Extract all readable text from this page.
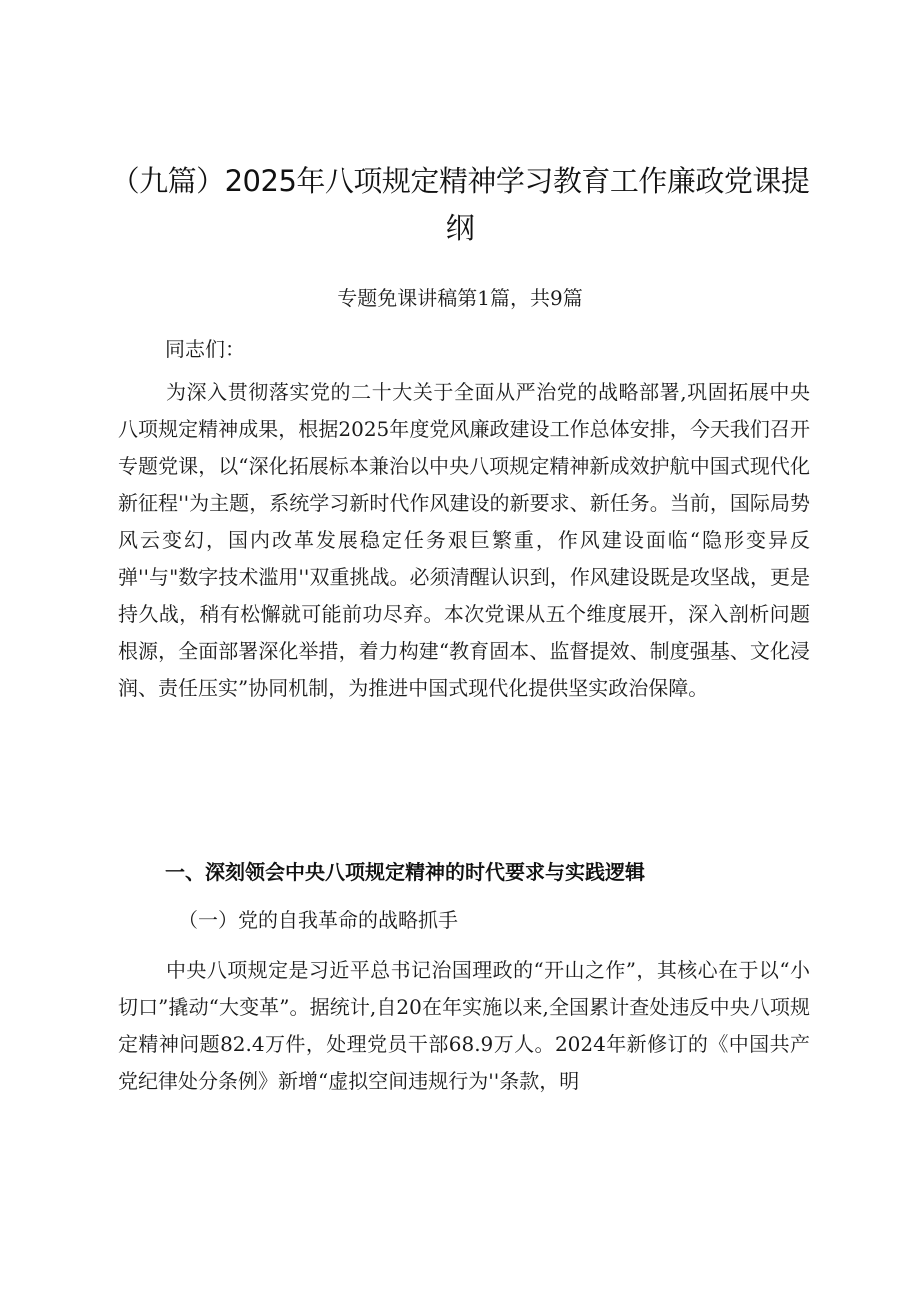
（九篇）2025年八项规定精神学习教育工作廉政党课提纲
专题免课讲稿第1篇，共9篇
同志们：

为深入贯彻落实党的二十大关于全面从严治党的战略部署,巩固拓展中央八项规定精神成果，根据2025年度党风廉政建设工作总体安排，今天我们召开专题党课，以“深化拓展标本兼治以中央八项规定精神新成效护航中国式现代化新征程''为主题，系统学习新时代作风建设的新要求、新任务。当前，国际局势风云变幻，国内改革发展稳定任务艰巨繁重，作风建设面临“隐形变异反弹''与"数字技术滥用''双重挑战。必须清醒认识到，作风建设既是攻坚战，更是持久战，稍有松懈就可能前功尽弃。本次党课从五个维度展开，深入剖析问题根源，全面部署深化举措，着力构建“教育固本、监督提效、制度强基、文化浸润、责任压实”协同机制，为推进中国式现代化提供坚实政治保障。

一、深刻领会中央八项规定精神的时代要求与实践逻辑
（一）党的自我革命的战略抓手

中央八项规定是习近平总书记治国理政的“开山之作”，其核心在于以“小切口”撬动“大变革”。据统计,自20在年实施以来,全国累计查处违反中央八项规定精神问题82.4万件，处理党员干部68.9万人。2024年新修订的《中国共产党纪律处分条例》新增“虚拟空间违规行为''条款，明
